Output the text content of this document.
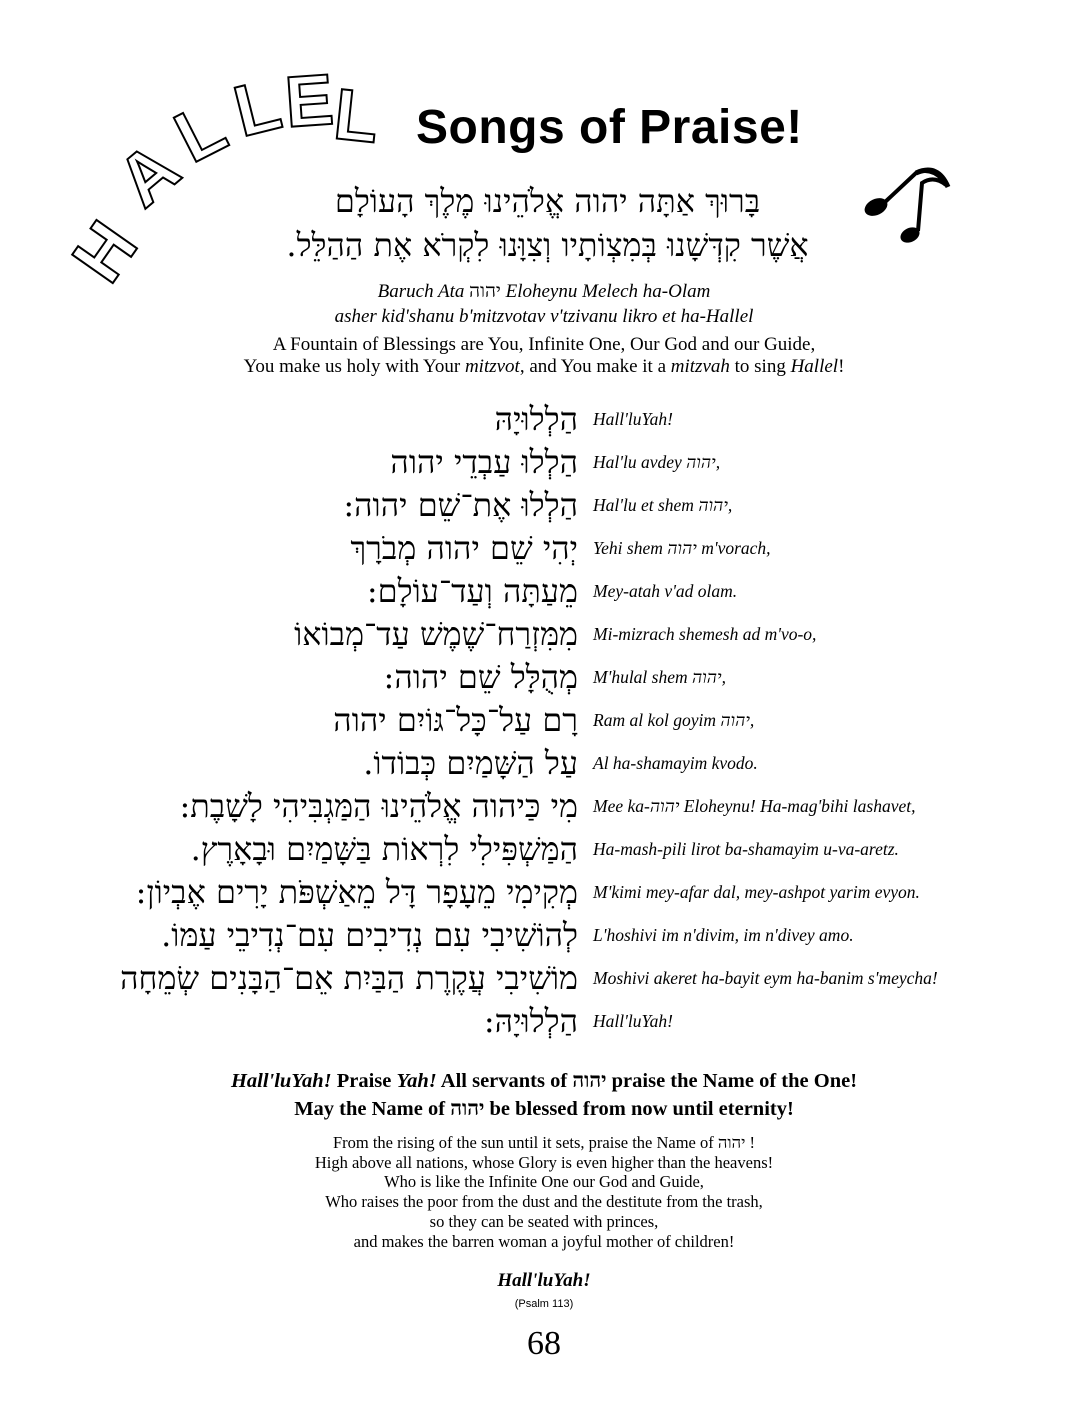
H
A
L
L
E
L Songs of Praise!
בָּרוּךְ אַתָּה יהוה אֱלֹהֵינוּ מֶלֶךְ הָעוֹלָם
אֲשֶׁר קִדְּשָׁנוּ בְּמִצְוֹתָיו וְצִוָּנוּ לִקְרֹא אֶת הַהַלֵּל.
Baruch Ata יהוה Eloheynu Melech ha-Olam
asher kid'shanu b'mitzvotav v'tzivanu likro et ha-Hallel
A Fountain of Blessings are You, Infinite One, Our God and our Guide,
You make us holy with Your mitzvot, and You make it a mitzvah to sing Hallel!
הַלְלוּיָהּ Hall'luYah!
הַלְלוּ עַבְדֵי יהוה Hal'lu avdey יהוה,
הַלְלוּ אֶת־שֵׁם יהוה: Hal'lu et shem יהוה,
יְהִי שֵׁם יהוה מְבֹרָךְ Yehi shem יהוה m'vorach,
מֵעַתָּה וְעַד־עוֹלָם: Mey-atah v'ad olam.
מִמִּזְרַח־שֶׁמֶשׁ עַד־מְבוֹאוֹ Mi-mizrach shemesh ad m'vo-o,
מְהֻלָּל שֵׁם יהוה: M'hulal shem יהוה,
רָם עַל־כָּל־גּוֹיִם יהוה Ram al kol goyim יהוה,
עַל הַשָּׁמַיִם כְּבוֹדוֹ. Al ha-shamayim kvodo.
מִי כַּיהוה אֱלֹהֵינוּ הַמַּגְבִּיהִי לָשָׁבֶת: Mee ka-יהוה Eloheynu! Ha-mag'bihi lashavet,
הַמַּשְׁפִּילִי לִרְאוֹת בַּשָּׁמַיִם וּבָאָרֶץ. Ha-mash-pili lirot ba-shamayim u-va-aretz.
מְקִימִי מֵעָפָר דָּל מֵאַשְׁפֹּת יָרִים אֶבְיוֹן: M'kimi mey-afar dal, mey-ashpot yarim evyon.
לְהוֹשִׁיבִי עִם נְדִיבִים עִם־נְדִיבֵי עַמּוֹ. L'hoshivi im n'divim, im n'divey amo.
מוֹשִׁיבִי עֲקֶרֶת הַבַּיִת אֵם־הַבָּנִים שְׂמֵחָה Moshivi akeret ha-bayit eym ha-banim s'meycha!
הַלְלוּיָהּ: Hall'luYah!
Hall'luYah! Praise Yah! All servants of יהוה praise the Name of the One!
May the Name of יהוה be blessed from now until eternity!
From the rising of the sun until it sets, praise the Name of יהוה !
High above all nations, whose Glory is even higher than the heavens!
Who is like the Infinite One our God and Guide,
Who raises the poor from the dust and the destitute from the trash,
so they can be seated with princes,
and makes the barren woman a joyful mother of children!
Hall'luYah!
(Psalm 113)
68
